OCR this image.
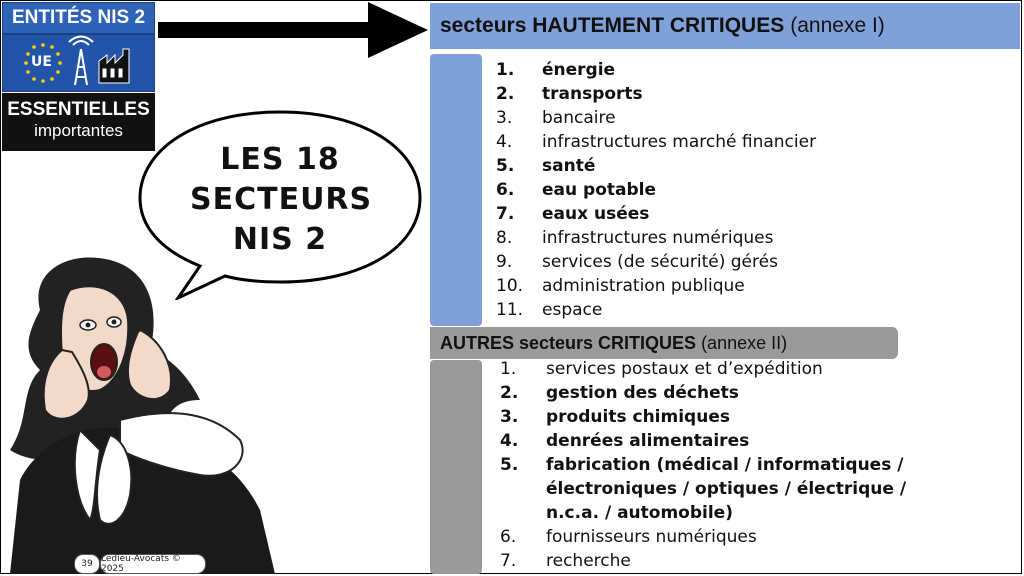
ENTITÉS NIS 2
UE
ESSENTIELLES
importantes
LES 18
SECTEURS
NIS 2
39 Ledieu-Avocats © 2025
secteurs HAUTEMENT CRITIQUES (annexe I)
1.	énergie
2.	transports
3.	bancaire
4.	infrastructures marché financier
5.	santé
6.	eau potable
7.	eaux usées
8.	infrastructures numériques
9.	services (de sécurité) gérés
10.	administration publique
11.	espace
AUTRES secteurs CRITIQUES (annexe II)
1.	services postaux et d’expédition
2.	gestion des déchets
3.	produits chimiques
4.	denrées alimentaires
5.	fabrication (médical / informatiques / électroniques / optiques / électrique / n.c.a. / automobile)
6.	fournisseurs numériques
7.	recherche
